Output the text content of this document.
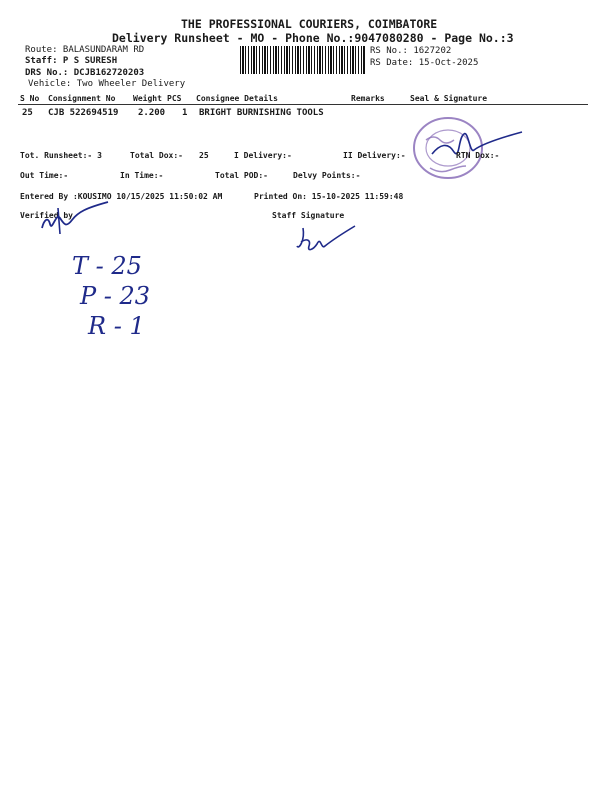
THE PROFESSIONAL COURIERS, COIMBATORE
Delivery Runsheet - MO - Phone No.:9047080280 - Page No.:3
Route: BALASUNDARAM RD
Staff: P S SURESH
DRS No.: DCJB162720203
Vehicle: Two Wheeler Delivery
RS No.: 1627202
RS Date: 15-Oct-2025
S No Consignment No Weight PCS Consignee Details	Remarks	Seal & Signature
25 CJB 522694519 2.200 1 BRIGHT BURNISHING TOOLS
Tot. Runsheet:- 3	Total Dox:- 25	I Delivery:-	II Delivery:-	RTN Dox:-
Out Time:-	In Time:-	Total POD:-	Delvy Points:-
Entered By :KOUSIMO 10/15/2025 11:50:02 AM	Printed On: 15-10-2025 11:59:48
Verified by	Staff Signature
T - 25
P - 23
R - 1
